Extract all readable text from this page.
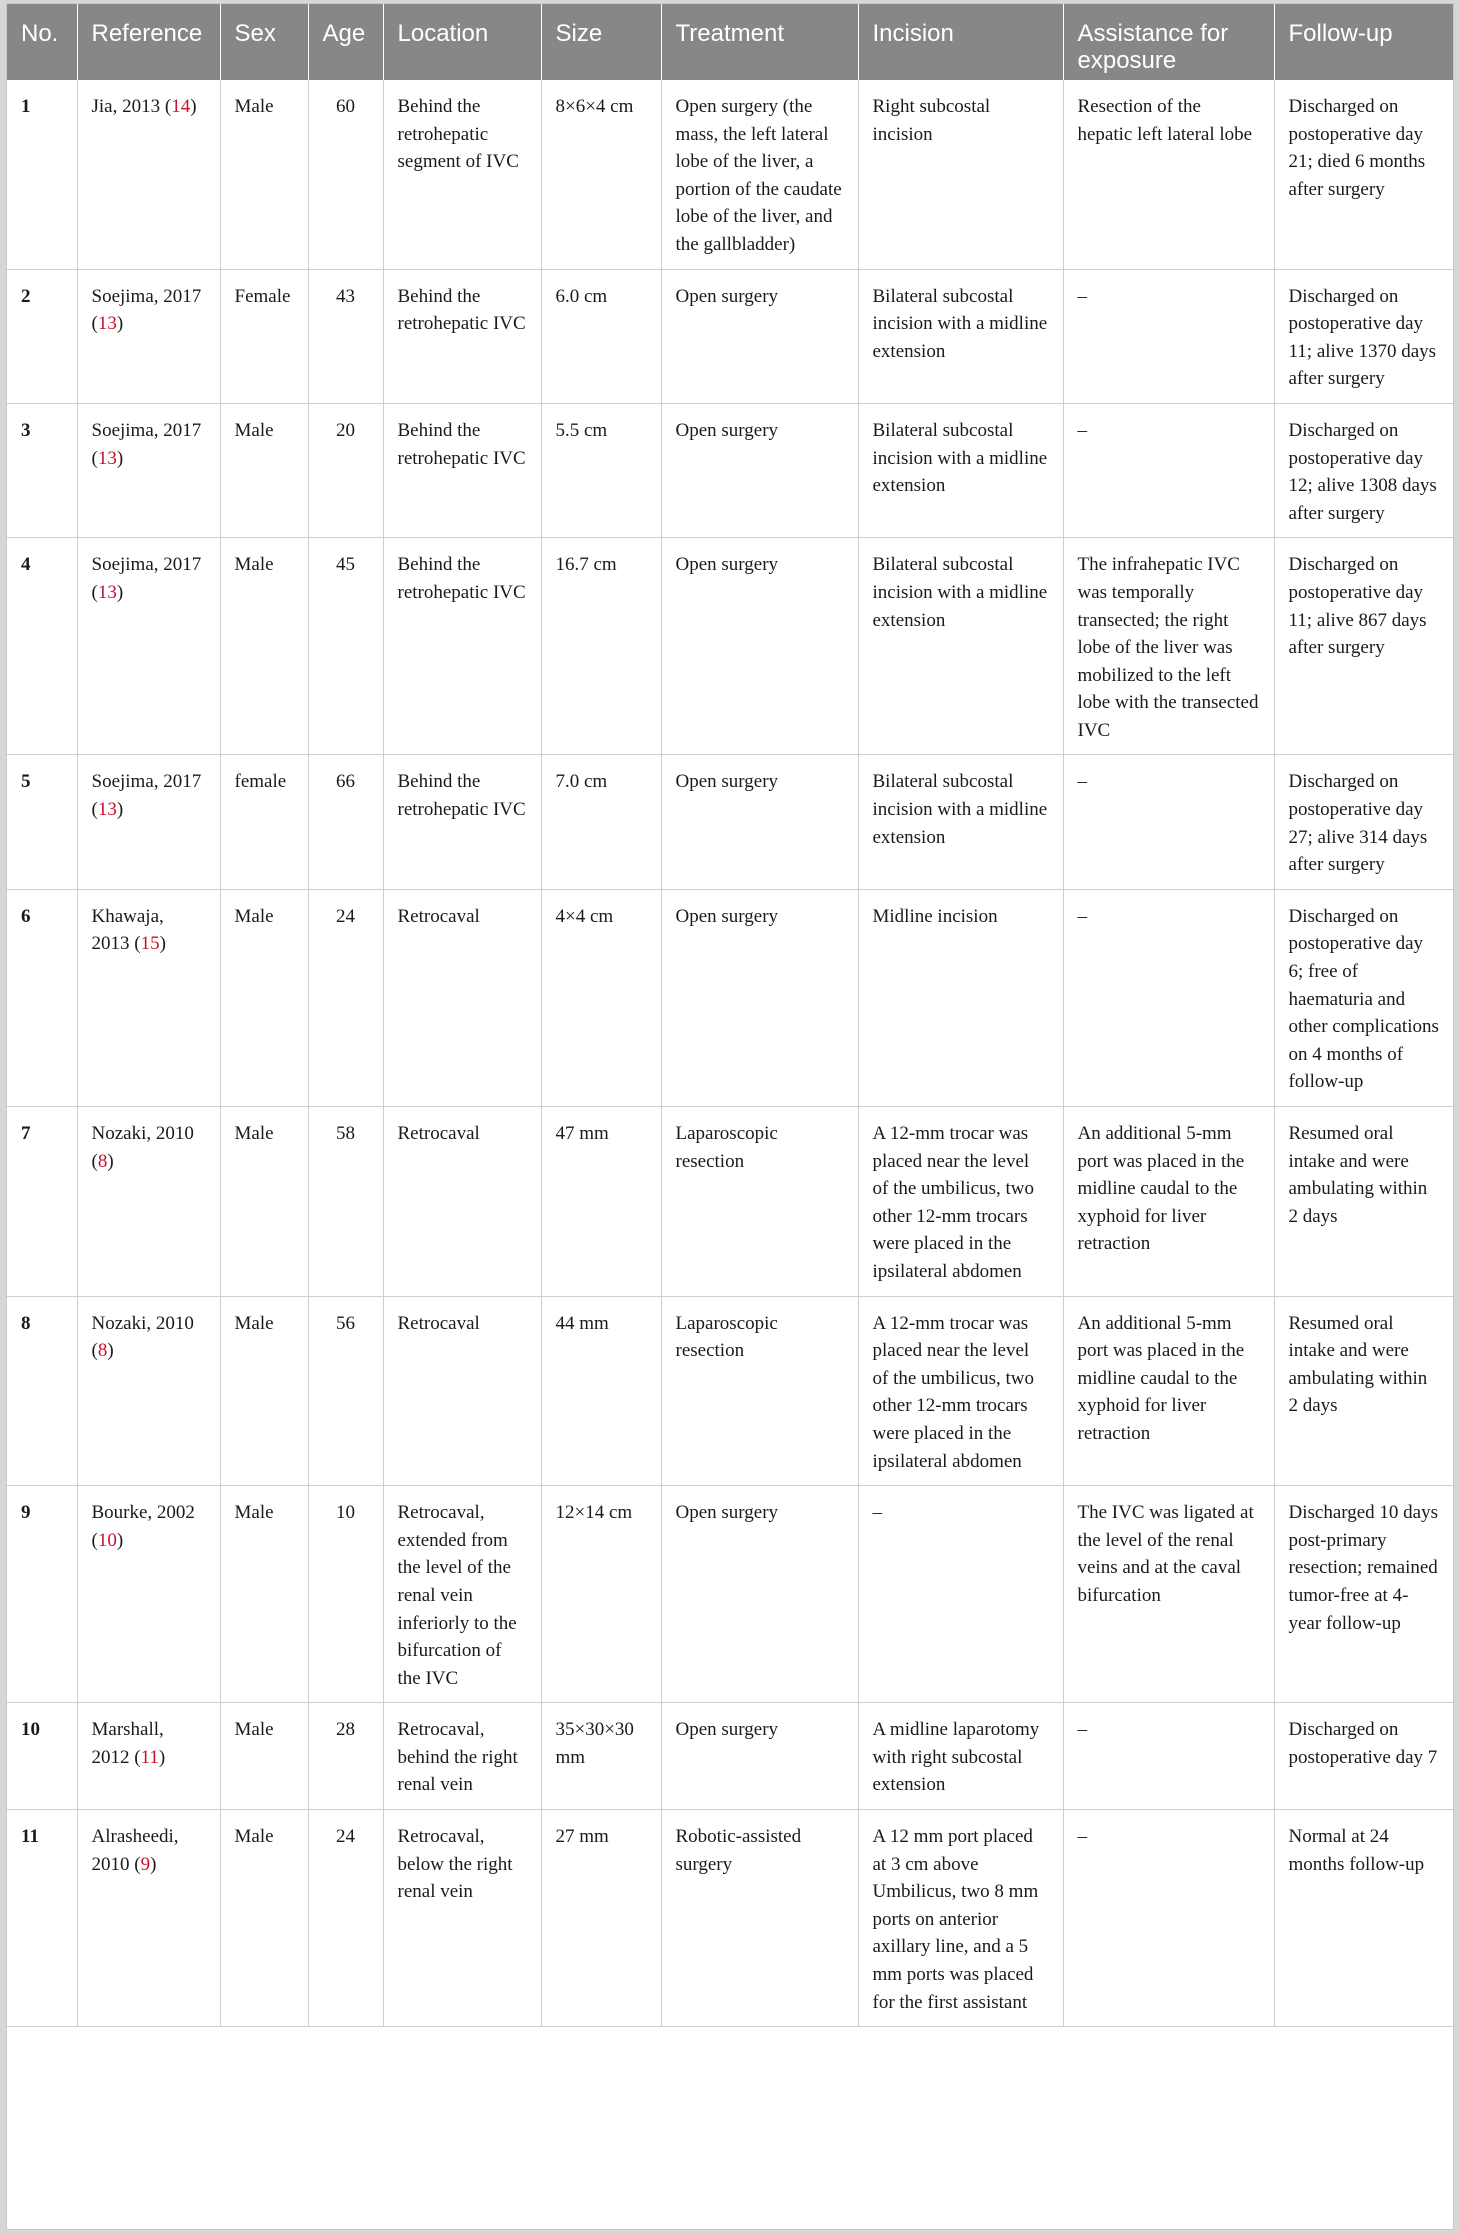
No.	Reference	Sex	Age	Location	Size	Treatment	Incision	Assistance for exposure	Follow-up
1	Jia, 2013 (14)	Male	60	Behind the retrohepatic segment of IVC	8×6×4 cm	Open surgery (the mass, the left lateral lobe of the liver, a portion of the caudate lobe of the liver, and the gallbladder)	Right subcostal incision	Resection of the hepatic left lateral lobe	Discharged on postoperative day 21; died 6 months after surgery
2	Soejima, 2017 (13)	Female	43	Behind the retrohepatic IVC	6.0 cm	Open surgery	Bilateral subcostal incision with a midline extension	–	Discharged on postoperative day 11; alive 1370 days after surgery
3	Soejima, 2017 (13)	Male	20	Behind the retrohepatic IVC	5.5 cm	Open surgery	Bilateral subcostal incision with a midline extension	–	Discharged on postoperative day 12; alive 1308 days after surgery
4	Soejima, 2017 (13)	Male	45	Behind the retrohepatic IVC	16.7 cm	Open surgery	Bilateral subcostal incision with a midline extension	The infrahepatic IVC was temporally transected; the right lobe of the liver was mobilized to the left lobe with the transected IVC	Discharged on postoperative day 11; alive 867 days after surgery
5	Soejima, 2017 (13)	female	66	Behind the retrohepatic IVC	7.0 cm	Open surgery	Bilateral subcostal incision with a midline extension	–	Discharged on postoperative day 27; alive 314 days after surgery
6	Khawaja, 2013 (15)	Male	24	Retrocaval	4×4 cm	Open surgery	Midline incision	–	Discharged on postoperative day 6; free of haematuria and other complications on 4 months of follow-up
7	Nozaki, 2010 (8)	Male	58	Retrocaval	47 mm	Laparoscopic resection	A 12-mm trocar was placed near the level of the umbilicus, two other 12-mm trocars were placed in the ipsilateral abdomen	An additional 5-mm port was placed in the midline caudal to the xyphoid for liver retraction	Resumed oral intake and were ambulating within 2 days
8	Nozaki, 2010 (8)	Male	56	Retrocaval	44 mm	Laparoscopic resection	A 12-mm trocar was placed near the level of the umbilicus, two other 12-mm trocars were placed in the ipsilateral abdomen	An additional 5-mm port was placed in the midline caudal to the xyphoid for liver retraction	Resumed oral intake and were ambulating within 2 days
9	Bourke, 2002 (10)	Male	10	Retrocaval, extended from the level of the renal vein inferiorly to the bifurcation of the IVC	12×14 cm	Open surgery	–	The IVC was ligated at the level of the renal veins and at the caval bifurcation	Discharged 10 days post-primary resection; remained tumor-free at 4-year follow-up
10	Marshall, 2012 (11)	Male	28	Retrocaval, behind the right renal vein	35×30×30 mm	Open surgery	A midline laparotomy with right subcostal extension	–	Discharged on postoperative day 7
11	Alrasheedi, 2010 (9)	Male	24	Retrocaval, below the right renal vein	27 mm	Robotic-assisted surgery	A 12 mm port placed at 3 cm above Umbilicus, two 8 mm ports on anterior axillary line, and a 5 mm ports was placed for the first assistant	–	Normal at 24 months follow-up
